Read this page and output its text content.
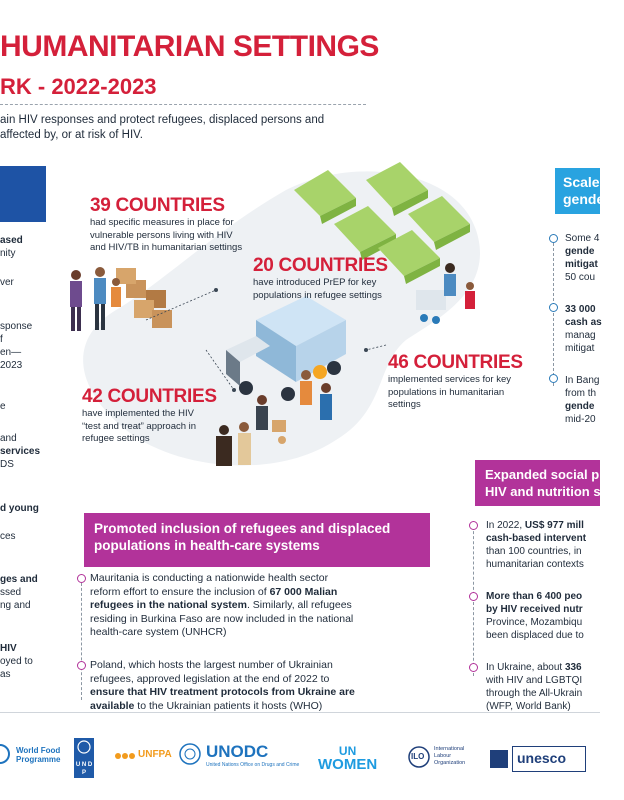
HUMANITARIAN SETTINGS
RK - 2022-2023
ain HIV responses and protect refugees, displaced persons and
affected by, or at risk of HIV.
ased
nity
ver
sponse
f
en—
2023
e
and
services
DS
d young
ces
ges and
ssed
ng and
HIV
oyed to
as
39 COUNTRIES
had specific measures in place for
vulnerable persons living with HIV
and HIV/TB in humanitarian settings
20 COUNTRIES
have introduced PrEP for key
populations in refugee settings
46 COUNTRIES
implemented services for key
populations in humanitarian
settings
42 COUNTRIES
have implemented the HIV
“test and treat” approach in
refugee settings
Scaled
gende
Some 4
gende
mitigat
50 cou
33 000
cash as
manag
mitigat
In Bang
from th
gende
mid-20
Expanded social prote
HIV and nutrition serv
In 2022, US$ 977 mill
cash-based intervent
than 100 countries, in
humanitarian contexts
More than 6 400 peo
by HIV received nutr
Province, Mozambiqu
been displaced due to
In Ukraine, about 336
with HIV and LGBTQI
through the All-Ukrain
(WFP, World Bank)
Promoted inclusion of refugees and displaced
populations in health-care systems
Mauritania is conducting a nationwide health sector
reform effort to ensure the inclusion of 67 000 Malian
refugees in the national system. Similarly, all refugees
residing in Burkina Faso are now included in the national
health-care system (UNHCR)
Poland, which hosts the largest number of Ukrainian
refugees, approved legislation at the end of 2022 to
ensure that HIV treatment protocols from Ukraine are
available to the Ukrainian patients it hosts (WHO)
World Food
Programme
U N D P
UNFPA UNODC
United Nations Office on Drugs and Crime
UN
WOMEN	ILO
International
Labour
Organization	unesco
